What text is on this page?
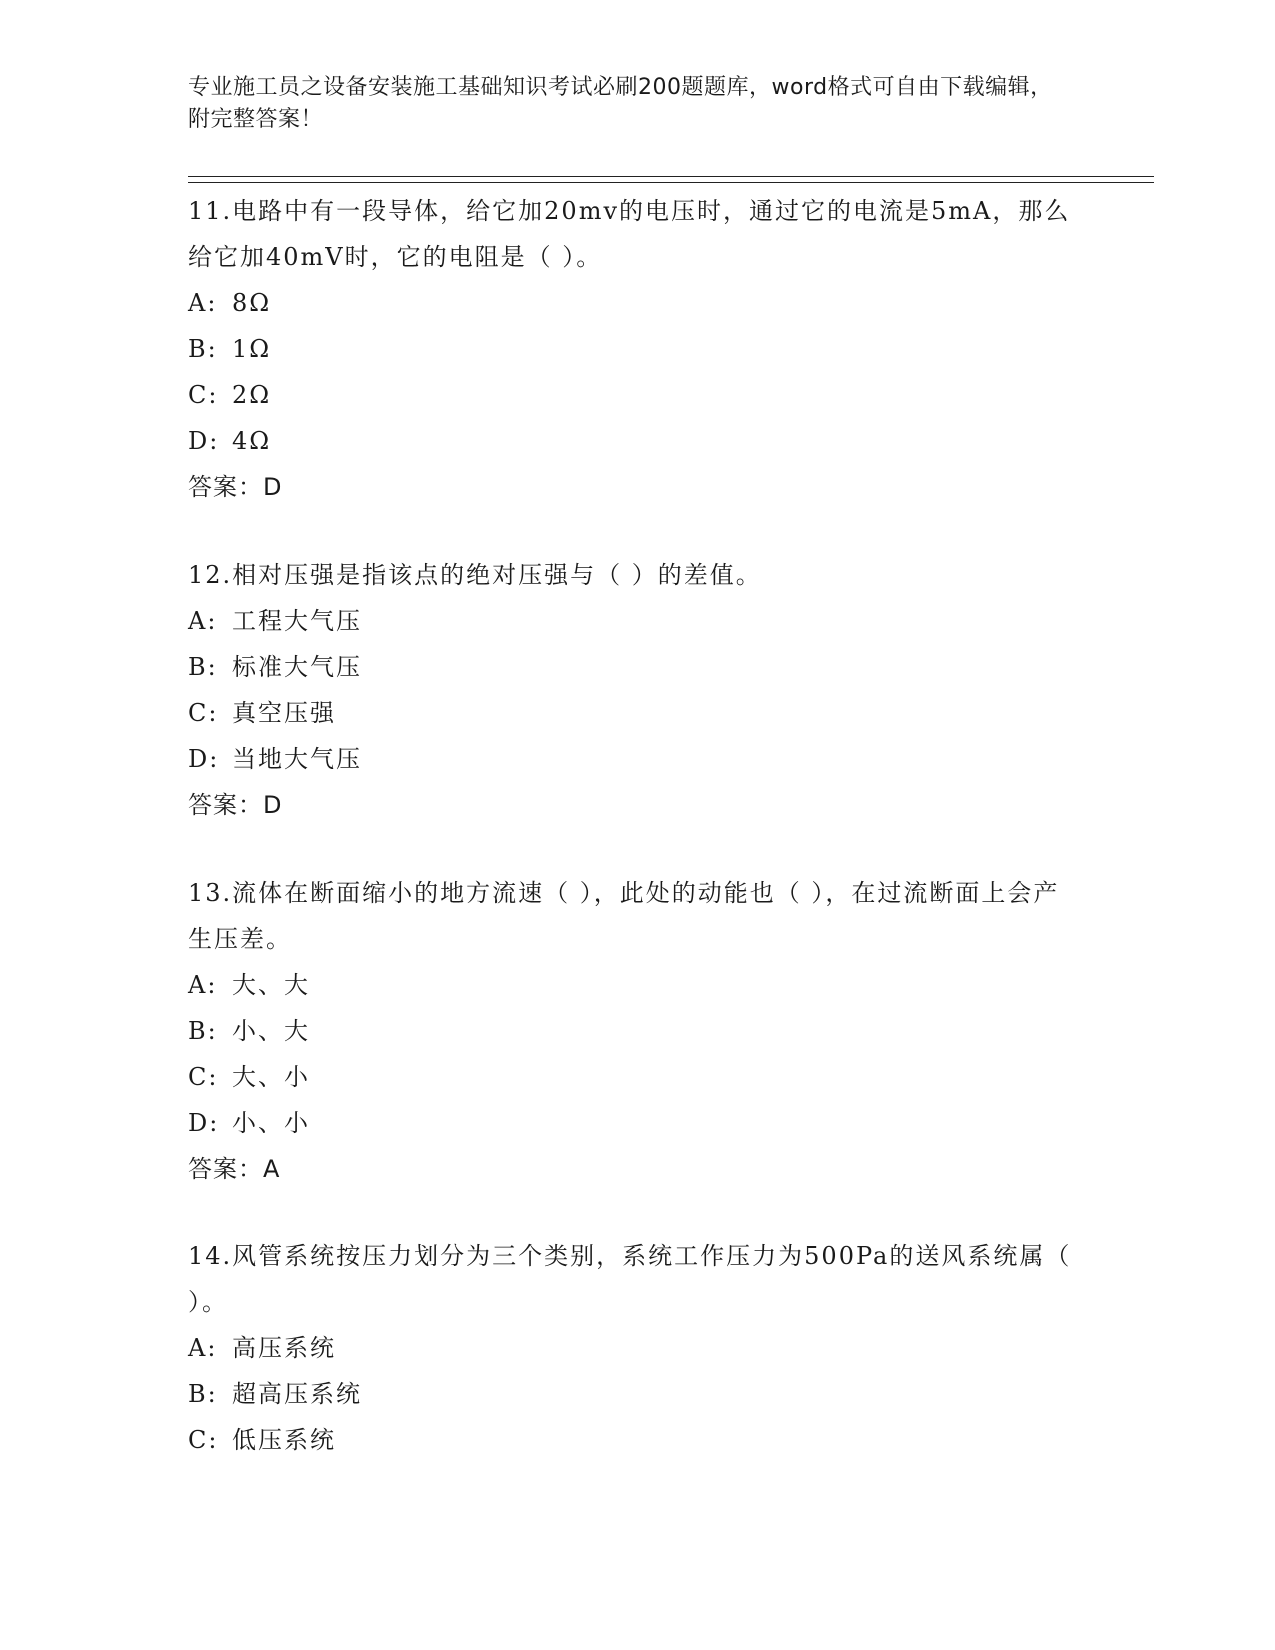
专业施工员之设备安装施工基础知识考试必刷200题题库，word格式可自由下载编辑，附完整答案！
11.电路中有一段导体，给它加20mv的电压时，通过它的电流是5mA，那么给它加40mV时，它的电阻是（ ）。
A: 8Ω
B: 1Ω
C: 2Ω
D: 4Ω
答案：D
12.相对压强是指该点的绝对压强与（ ）的差值。
A: 工程大气压
B: 标准大气压
C: 真空压强
D: 当地大气压
答案：D
13.流体在断面缩小的地方流速（ ），此处的动能也（ ），在过流断面上会产生压差。
A: 大、大
B: 小、大
C: 大、小
D: 小、小
答案：A
14.风管系统按压力划分为三个类别，系统工作压力为500Pa的送风系统属（ ）。
A: 高压系统
B: 超高压系统
C: 低压系统
